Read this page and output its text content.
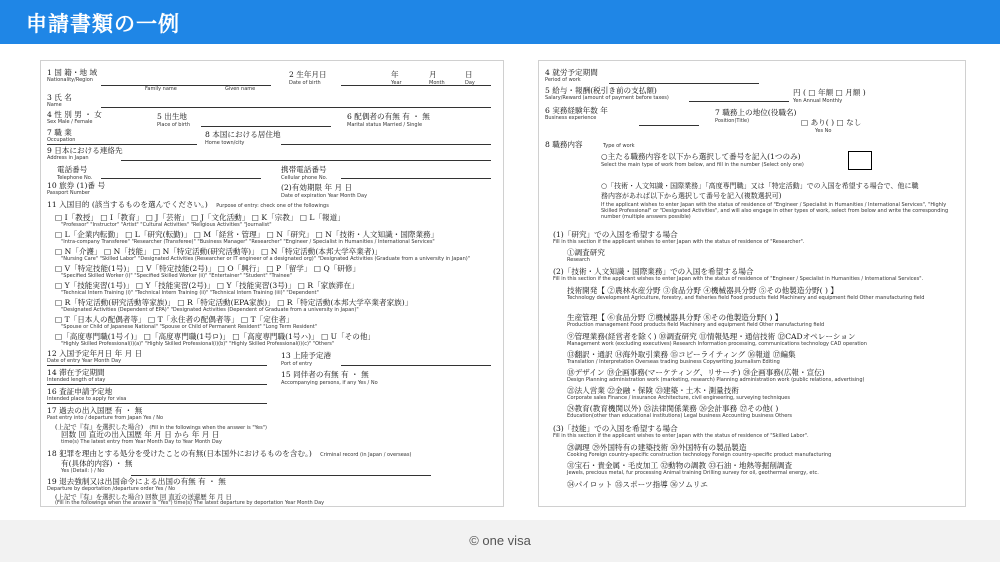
申請書類の一例
1 国 籍・地 域
Nationality/Region
2 生年月日
Date of birth
年
Year
月
Month
日
Day
Family name	Given name
3 氏 名
Name
4 性 別 男 ・ 女
Sex Male / Female
5 出生地
Place of birth
6 配偶者の有無 有 ・ 無
Marital status Married / Single
7 職 業
Occupation
8 本国における居住地
Home town/city
9 日本における連絡先
Address in Japan
電話番号
Telephone No.
携帯電話番号
Cellular phone No.
10 旅券 (1)番 号
Passport Number
(2)有効期限 年 月 日
Date of expiration Year Month Day
11 入国目的 (該当するものを選んでください。) Purpose of entry: check one of the followings
□ I「教授」 □ I「教育」 □ J「芸術」 □ J「文化活動」 □ K「宗教」 □ L「報道」
"Professor" "Instructor" "Artist" "Cultural Activities" "Religious Activities" "Journalist"
□ L「企業内転勤」 □ L「研究(転勤)」 □ M「経営・管理」 □ N「研究」 □ N「技術・人文知識・国際業務」
"Intra-company Transferee" "Researcher (Transferee)" "Business Manager" "Researcher" "Engineer / Specialist in Humanities / International Services"
□ N「介護」 □ N「技能」 □ N「特定活動(研究活動等)」 □ N「特定活動(本邦大学卒業者)」
"Nursing Care" "Skilled Labor" "Designated Activities (Researcher or IT engineer of a designated org)" "Designated Activities (Graduate from a university in Japan)"
□ V「特定技能(1号)」 □ V「特定技能(2号)」 □ O「興行」 □ P「留学」 □ Q「研修」
"Specified Skilled Worker (i)" "Specified Skilled Worker (ii)" "Entertainer" "Student" "Trainee"
□ Y「技能実習(1号)」 □ Y「技能実習(2号)」 □ Y「技能実習(3号)」 □ R「家族滞在」
"Technical Intern Training (i)" "Technical Intern Training (ii)" "Technical Intern Training (iii)" "Dependent"
□ R「特定活動(研究活動等家族)」 □ R「特定活動(EPA家族)」 □ R「特定活動(本邦大学卒業者家族)」
"Designated Activities (Dependent of EPA)" "Designated Activities (Dependent of Graduate from a university in Japan)"
□ T「日本人の配偶者等」 □ T「永住者の配偶者等」 □ T「定住者」
"Spouse or Child of Japanese National" "Spouse or Child of Permanent Resident" "Long Term Resident"
□「高度専門職(1号イ)」 □「高度専門職(1号ロ)」 □「高度専門職(1号ハ)」 □ U「その他」
"Highly Skilled Professional(i)(a)" "Highly Skilled Professional(i)(b)" "Highly Skilled Professional(i)(c)" "Others"
12 入国予定年月日 年 月 日
Date of entry Year Month Day
13 上陸予定港
Port of entry
14 滞在予定期間
Intended length of stay
15 同伴者の有無 有 ・ 無
Accompanying persons, if any Yes / No
16 査証申請予定地
Intended place to apply for visa
17 過去の出入国歴 有 ・ 無
Past entry into / departure from Japan Yes / No
(上記で『有』を選択した場合) (Fill in the followings when the answer is "Yes")
回数 回 直近の出入国歴 年 月 日 から 年 月 日
time(s) The latest entry from Year Month Day to Year Month Day
18 犯罪を理由とする処分を受けたことの有無(日本国外におけるものを含む。) Criminal record (in Japan / overseas)
有(具体的内容) ・ 無
Yes (Detail: ) / No
19 退去強制又は出国命令による出国の有無 有 ・ 無
Departure by deportation /departure order Yes / No
(上記で『有』を選択した場合) 回数 回 直近の送還歴 年 月 日
(Fill in the followings when the answer is "Yes") time(s) The latest departure by deportation Year Month Day
4 就労予定期間
Period of work
5 給与・報酬(税引き前の支払額)
Salary/Reward (amount of payment before taxes)
円 ( □ 年額 □ 月額 )
Yen Annual Monthly
6 実務経験年数 年
Business experience
7 職務上の地位(役職名)
Position(Title)	□ あり( ) □ なし
Yes No
8 職務内容	Type of work
○主たる職務内容を以下から選択して番号を記入(1つのみ)
Select the main type of work from below, and fill in the number (Select only one)
○「技術・人文知識・国際業務」「高度専門職」又は「特定活動」での入国を希望する場合で、他に職務内容があれば以下から選択して番号を記入(複数選択可)
If the applicant wishes to enter Japan with the status of residence of "Engineer / Specialist in Humanities / International Services", "Highly Skilled Professional" or "Designated Activities", and will also engage in other types of work, select from below and write the corresponding number (multiple answers possible)
(1)「研究」での入国を希望する場合
Fill in this section if the applicant wishes to enter Japan with the status of residence of "Researcher".
①調査研究
Research
(2)「技術・人文知識・国際業務」での入国を希望する場合
Fill in this section if the applicant wishes to enter Japan with the status of residence of "Engineer / Specialist in Humanities / International Services".
技術開発【 ②農林水産分野 ③食品分野 ④機械器具分野 ⑤その他製造分野( ) 】
Technology development Agriculture, forestry, and fisheries field Food products field Machinery and equipment field Other manufacturing field
生産管理【 ⑥食品分野 ⑦機械器具分野 ⑧その他製造分野( ) 】
Production management Food products field Machinery and equipment field Other manufacturing field
⑨管理業務(経営者を除く) ⑩調査研究 ⑪情報処理・通信技術 ⑫CADオペレーション
Management work (excluding executives) Research Information processing, communications technology CAD operation
⑬翻訳・通訳 ⑭海外取引業務 ⑮コピーライティング ⑯報道 ⑰編集
Translation / Interpretation Overseas trading business Copywriting Journalism Editing
⑱デザイン ⑲企画事務(マーケティング、リサーチ) ⑳企画事務(広報・宣伝)
Design Planning administration work (marketing, research) Planning administration work (public relations, advertising)
㉑法人営業 ㉒金融・保険 ㉓建築・土木・測量技術
Corporate sales Finance / insurance Architecture, civil engineering, surveying techniques
㉔教育(教育機関以外) ㉕法律関係業務 ㉖会計事務 ㉗その他( )
Education(other than educational institutions) Legal business Accounting business Others
(3)「技能」での入国を希望する場合
Fill in this section if the applicant wishes to enter Japan with the status of residence of "Skilled Labor".
㉘調理 ㉙外国特有の建築技術 ㉚外国特有の製品製造
Cooking Foreign country-specific construction technology Foreign country-specific product manufacturing
㉛宝石・貴金属・毛皮加工 ㉜動物の調教 ㉝石油・地熱等掘削調査
Jewels, precious metal, fur processing Animal training Drilling survey for oil, geothermal energy, etc.
㉞パイロット ㉟スポーツ指導 ㊱ソムリエ
© one visa
